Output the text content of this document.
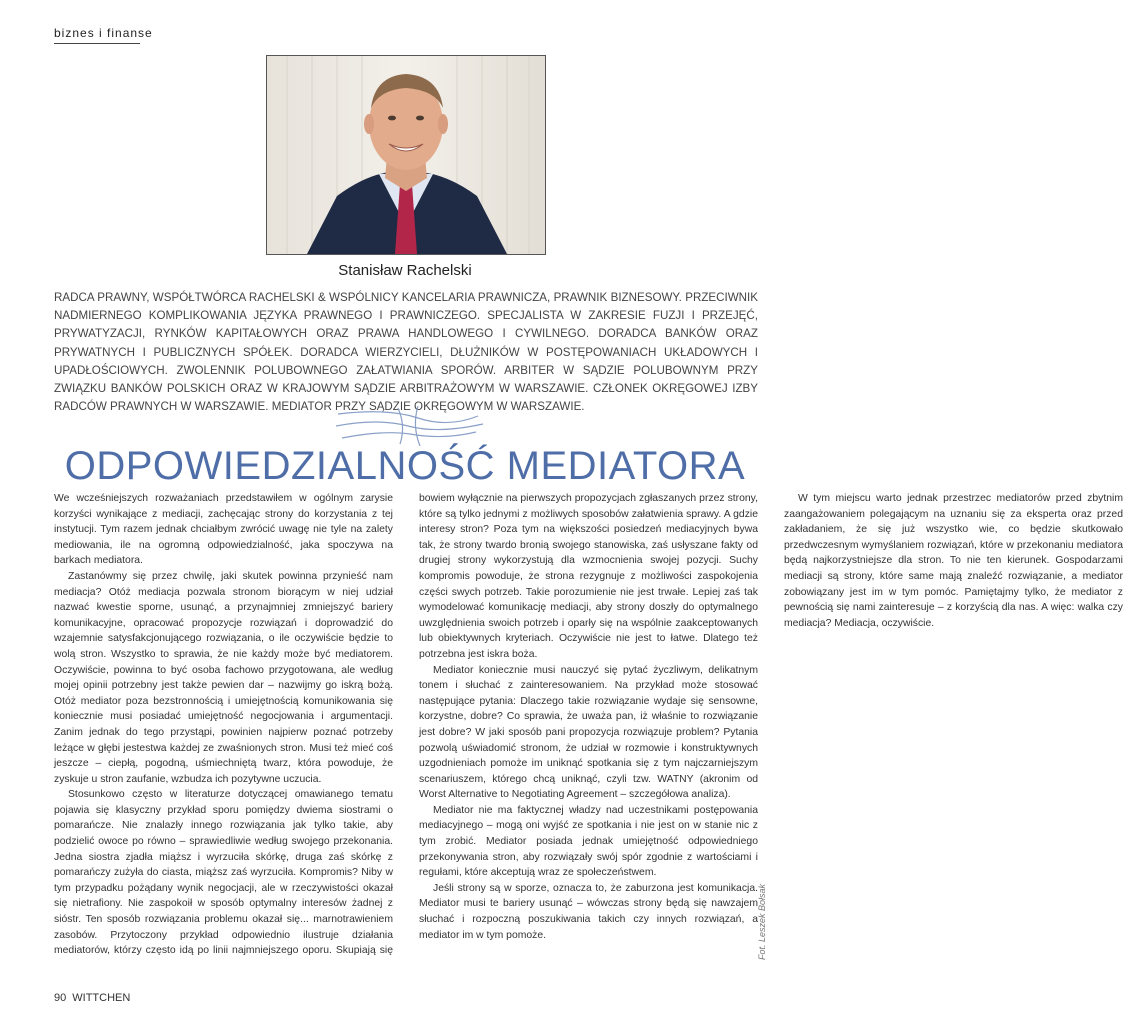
biznes i finanse
Stanisław Rachelski
RADCA PRAWNY, WSPÓŁTWÓRCA RACHELSKI & WSPÓLNICY KANCELARIA PRAWNICZA, PRAWNIK BIZNESOWY. PRZECIWNIK NADMIERNEGO KOMPLIKOWANIA JĘZYKA PRAWNEGO I PRAWNICZEGO. SPECJALISTA W ZAKRESIE FUZJI I PRZEJĘĆ, PRYWATYZACJI, RYNKÓW KAPITAŁOWYCH ORAZ PRAWA HANDLOWEGO I CYWILNEGO. DORADCA BANKÓW ORAZ PRYWATNYCH I PUBLICZNYCH SPÓŁEK. DORADCA WIERZYCIELI, DŁUŻNIKÓW W POSTĘPOWANIACH UKŁADOWYCH I UPADŁOŚCIOWYCH. ZWOLENNIK POLUBOWNEGO ZAŁATWIANIA SPORÓW. ARBITER W SĄDZIE POLUBOWNYM PRZY ZWIĄZKU BANKÓW POLSKICH ORAZ W KRAJOWYM SĄDZIE ARBITRAŻOWYM W WARSZAWIE. CZŁONEK OKRĘGOWEJ IZBY RADCÓW PRAWNYCH W WARSZAWIE. MEDIATOR PRZY SĄDZIE OKRĘGOWYM W WARSZAWIE.
ODPOWIEDZIALNOŚĆ MEDIATORA

We wcześniejszych rozważaniach przedstawiłem w ogólnym zarysie korzyści wynikające z mediacji, zachęcając strony do korzystania z tej instytucji. Tym razem jednak chciałbym zwrócić uwagę nie tyle na zalety mediowania, ile na ogromną odpowiedzialność, jaka spoczywa na barkach mediatora.

Zastanówmy się przez chwilę, jaki skutek powinna przynieść nam mediacja? Otóż mediacja pozwala stronom biorącym w niej udział nazwać kwestie sporne, usunąć, a przynajmniej zmniejszyć bariery komunikacyjne, opracować propozycje rozwiązań i doprowadzić do wzajemnie satysfakcjonującego rozwiązania, o ile oczywiście będzie to wolą stron. Wszystko to sprawia, że nie każdy może być mediatorem. Oczywiście, powinna to być osoba fachowo przygotowana, ale według mojej opinii potrzebny jest także pewien dar – nazwijmy go iskrą bożą. Otóż mediator poza bezstronnością i umiejętnością komunikowania się koniecznie musi posiadać umiejętność negocjowania i argumentacji. Zanim jednak do tego przystąpi, powinien najpierw poznać potrzeby leżące w głębi jestestwa każdej ze zwaśnionych stron. Musi też mieć coś jeszcze – ciepłą, pogodną, uśmiechniętą twarz, która powoduje, że zyskuje u stron zaufanie, wzbudza ich pozytywne uczucia.

Stosunkowo często w literaturze dotyczącej omawianego tematu pojawia się klasyczny przykład sporu pomiędzy dwiema siostrami o pomarańcze. Nie znalazły innego rozwiązania jak tylko takie, aby podzielić owoce po równo – sprawiedliwie według swojego przekonania. Jedna siostra zjadła miąższ i wyrzuciła skórkę, druga zaś skórkę z pomarańczy zużyła do ciasta, miąższ zaś wyrzuciła. Kompromis? Niby w tym przypadku pożądany wynik negocjacji, ale w rzeczywistości okazał się nietrafiony. Nie zaspokoił w sposób optymalny interesów żadnej z sióstr. Ten sposób rozwiązania problemu okazał się... marnotrawieniem zasobów. Przytoczony przykład odpowiednio ilustruje działania mediatorów, którzy często idą po linii najmniejszego oporu. Skupiają się bowiem wyłącznie na pierwszych propozycjach zgłaszanych przez strony, które są tylko jednymi z możliwych sposobów załatwienia sprawy. A gdzie interesy stron? Poza tym na większości posiedzeń mediacyjnych bywa tak, że strony twardo bronią swojego stanowiska, zaś usłyszane fakty od drugiej strony wykorzystują dla wzmocnienia swojej pozycji. Suchy kompromis powoduje, że strona rezygnuje z możliwości zaspokojenia części swych potrzeb. Takie porozumienie nie jest trwałe. Lepiej zaś tak wymodelować komunikację mediacji, aby strony doszły do optymalnego uwzględnienia swoich potrzeb i oparły się na wspólnie zaakceptowanych lub obiektywnych kryteriach. Oczywiście nie jest to łatwe. Dlatego też potrzebna jest iskra boża.

Mediator koniecznie musi nauczyć się pytać życzliwym, delikatnym tonem i słuchać z zainteresowaniem. Na przykład może stosować następujące pytania: Dlaczego takie rozwiązanie wydaje się sensowne, korzystne, dobre? Co sprawia, że uważa pan, iż właśnie to rozwiązanie jest dobre? W jaki sposób pani propozycja rozwiązuje problem? Pytania pozwolą uświadomić stronom, że udział w rozmowie i konstruktywnych uzgodnieniach pomoże im uniknąć spotkania się z tym najczarniejszym scenariuszem, którego chcą uniknąć, czyli tzw. WATNY (akronim od Worst Alternative to Negotiating Agreement – szczegółowa analiza).

Mediator nie ma faktycznej władzy nad uczestnikami postępowania mediacyjnego – mogą oni wyjść ze spotkania i nie jest on w stanie nic z tym zrobić. Mediator posiada jednak umiejętność odpowiedniego przekonywania stron, aby rozwiązały swój spór zgodnie z wartościami i regułami, które akceptują wraz ze społeczeństwem.

Jeśli strony są w sporze, oznacza to, że zaburzona jest komunikacja. Mediator musi te bariery usunąć – wówczas strony będą się nawzajem słuchać i rozpoczną poszukiwania takich czy innych rozwiązań, a mediator im w tym pomoże.

W tym miejscu warto jednak przestrzec mediatorów przed zbytnim zaangażowaniem polegającym na uznaniu się za eksperta oraz przed zakładaniem, że się już wszystko wie, co będzie skutkowało przedwczesnym wymyślaniem rozwiązań, które w przekonaniu mediatora będą najkorzystniejsze dla stron. To nie ten kierunek. Gospodarzami mediacji są strony, które same mają znaleźć rozwiązanie, a mediator zobowiązany jest im w tym pomóc. Pamiętajmy tylko, że mediator z pewnością się nami zainteresuje – z korzyścią dla nas. A więc: walka czy mediacja? Mediacja, oczywiście.

Fot. Leszek Bołsak
90 WITTCHEN
